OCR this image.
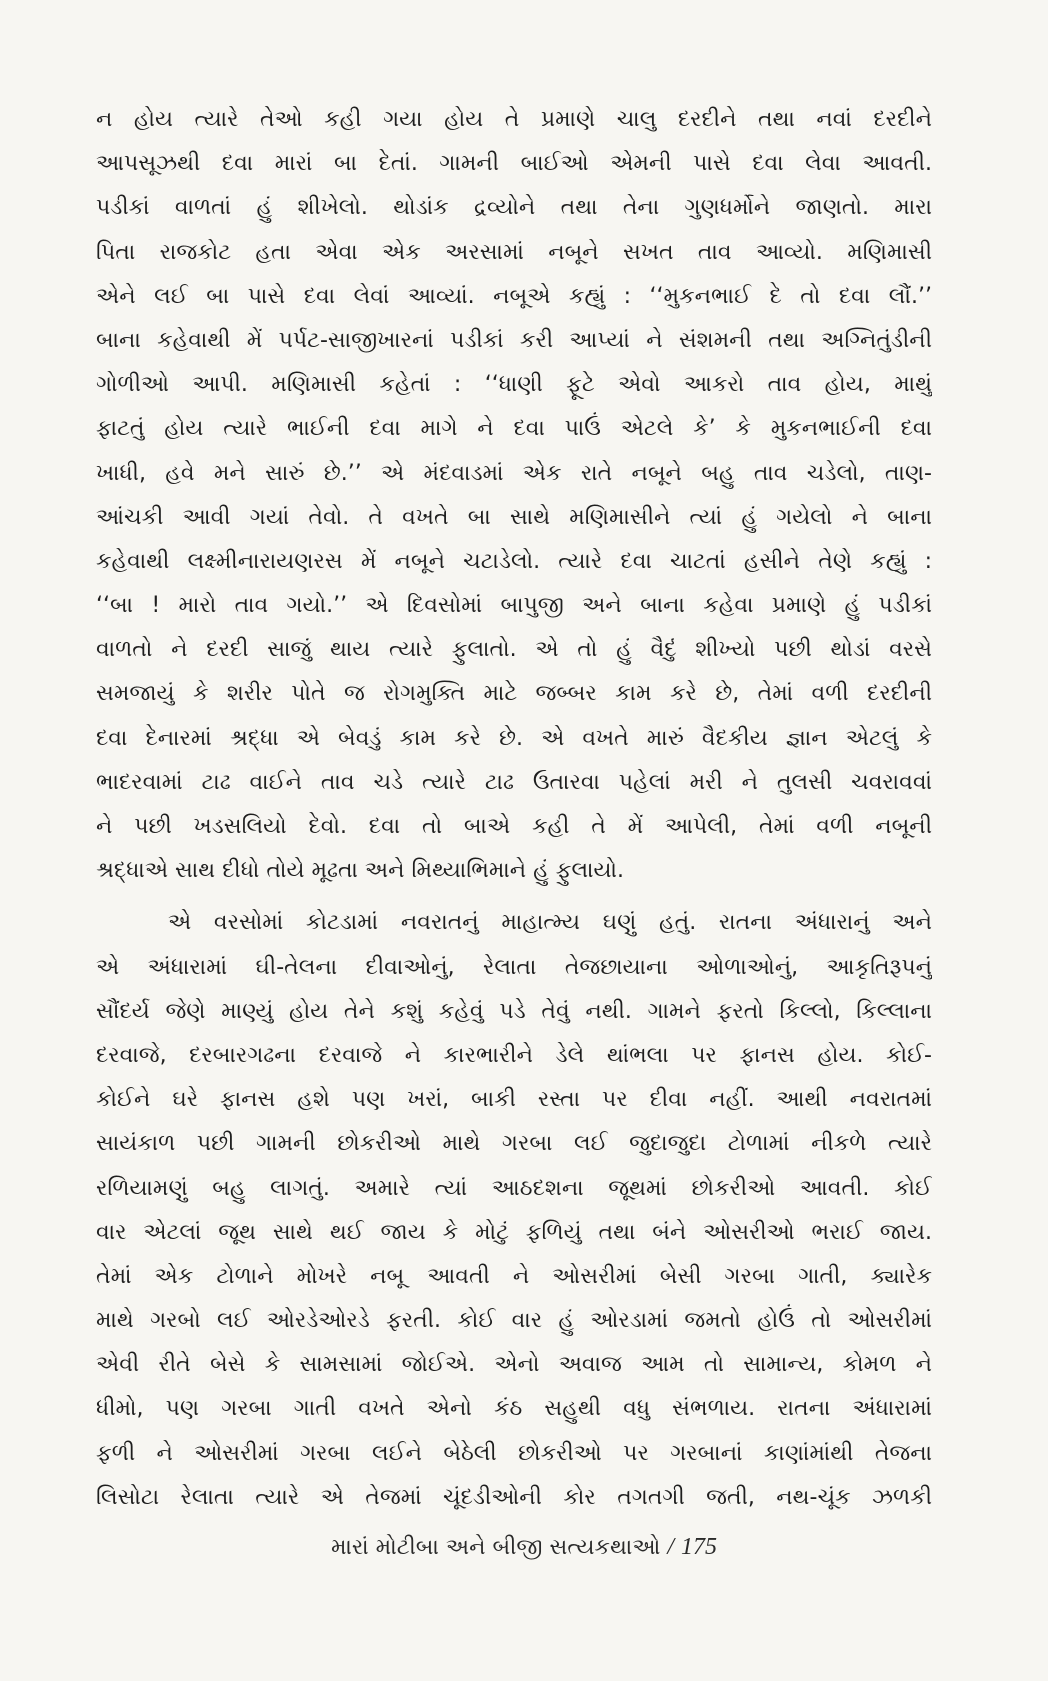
ન હોય ત્યારે તેઓ કહી ગયા હોય તે પ્રમાણે ચાલુ દરદીને તથા નવાં દરદીને
આપસૂઝથી દવા મારાં બા દેતાં. ગામની બાઈઓ એમની પાસે દવા લેવા આવતી.
પડીકાં વાળતાં હું શીખેલો. થોડાંક દ્રવ્યોને તથા તેના ગુણધર્મોને જાણતો. મારા
પિતા રાજકોટ હતા એવા એક અરસામાં નબૂને સખત તાવ આવ્યો. મણિમાસી
એને લઈ બા પાસે દવા લેવાં આવ્યાં. નબૂએ કહ્યું : ‘‘મુકનભાઈ દે તો દવા લૌં.’’
બાના કહેવાથી મેં પર્પટ-સાજીખારનાં પડીકાં કરી આપ્યાં ને સંશમની તથા અગ્નિતુંડીની
ગોળીઓ આપી. મણિમાસી કહેતાં : ‘‘ધાણી ફૂટે એવો આકરો તાવ હોય, માથું
ફાટતું હોય ત્યારે ભાઈની દવા માગે ને દવા પાઉં એટલે કે’ કે મુકનભાઈની દવા
ખાધી, હવે મને સારું છે.’’ એ મંદવાડમાં એક રાતે નબૂને બહુ તાવ ચડેલો, તાણ-
આંચકી આવી ગયાં તેવો. તે વખતે બા સાથે મણિમાસીને ત્યાં હું ગયેલો ને બાના
કહેવાથી લક્ષ્મીનારાયણરસ મેં નબૂને ચટાડેલો. ત્યારે દવા ચાટતાં હસીને તેણે કહ્યું :
‘‘બા ! મારો તાવ ગયો.’’ એ દિવસોમાં બાપુજી અને બાના કહેવા પ્રમાણે હું પડીકાં
વાળતો ને દરદી સાજું થાય ત્યારે ફુલાતો. એ તો હું વૈદું શીખ્યો પછી થોડાં વરસે
સમજાયું કે શરીર પોતે જ રોગમુક્તિ માટે જબ્બર કામ કરે છે, તેમાં વળી દરદીની
દવા દેનારમાં શ્રદ્ધા એ બેવડું કામ કરે છે. એ વખતે મારું વૈદકીય જ્ઞાન એટલું કે
ભાદરવામાં ટાઢ વાઈને તાવ ચડે ત્યારે ટાઢ ઉતારવા પહેલાં મરી ને તુલસી ચવરાવવાં
ને પછી ખડસલિયો દેવો. દવા તો બાએ કહી તે મેં આપેલી, તેમાં વળી નબૂની
શ્રદ્ધાએ સાથ દીધો તોયે મૂઢતા અને મિથ્યાભિમાને હું ફુલાયો.
એ વરસોમાં કોટડામાં નવરાતનું માહાત્મ્ય ઘણું હતું. રાતના અંધારાનું અને
એ અંધારામાં ઘી-તેલના દીવાઓનું, રેલાતા તેજછાયાના ઓળાઓનું, આકૃતિરૂપનું
સૌંદર્ય જેણે માણ્યું હોય તેને કશું કહેવું પડે તેવું નથી. ગામને ફરતો કિલ્લો, કિલ્લાના
દરવાજે, દરબારગઢના દરવાજે ને કારભારીને ડેલે થાંભલા પર ફાનસ હોય. કોઈ-
કોઈને ઘરે ફાનસ હશે પણ ખરાં, બાકી રસ્તા પર દીવા નહીં. આથી નવરાતમાં
સાયંકાળ પછી ગામની છોકરીઓ માથે ગરબા લઈ જુદાજુદા ટોળામાં નીકળે ત્યારે
રળિયામણું બહુ લાગતું. અમારે ત્યાં આઠદશના જૂથમાં છોકરીઓ આવતી. કોઈ
વાર એટલાં જૂથ સાથે થઈ જાય કે મોટું ફળિયું તથા બંને ઓસરીઓ ભરાઈ જાય.
તેમાં એક ટોળાને મોખરે નબૂ આવતી ને ઓસરીમાં બેસી ગરબા ગાતી, ક્યારેક
માથે ગરબો લઈ ઓરડેઓરડે ફરતી. કોઈ વાર હું ઓરડામાં જમતો હોઉં તો ઓસરીમાં
એવી રીતે બેસે કે સામસામાં જોઈએ. એનો અવાજ આમ તો સામાન્ય, કોમળ ને
ધીમો, પણ ગરબા ગાતી વખતે એનો કંઠ સહુથી વધુ સંભળાય. રાતના અંધારામાં
ફળી ને ઓસરીમાં ગરબા લઈને બેઠેલી છોકરીઓ પર ગરબાનાં કાણાંમાંથી તેજના
લિસોટા રેલાતા ત્યારે એ તેજમાં ચૂંદડીઓની કોર તગતગી જતી, નથ-ચૂંક ઝળકી
મારાં મોટીબા અને બીજી સત્યકથાઓ / 175
